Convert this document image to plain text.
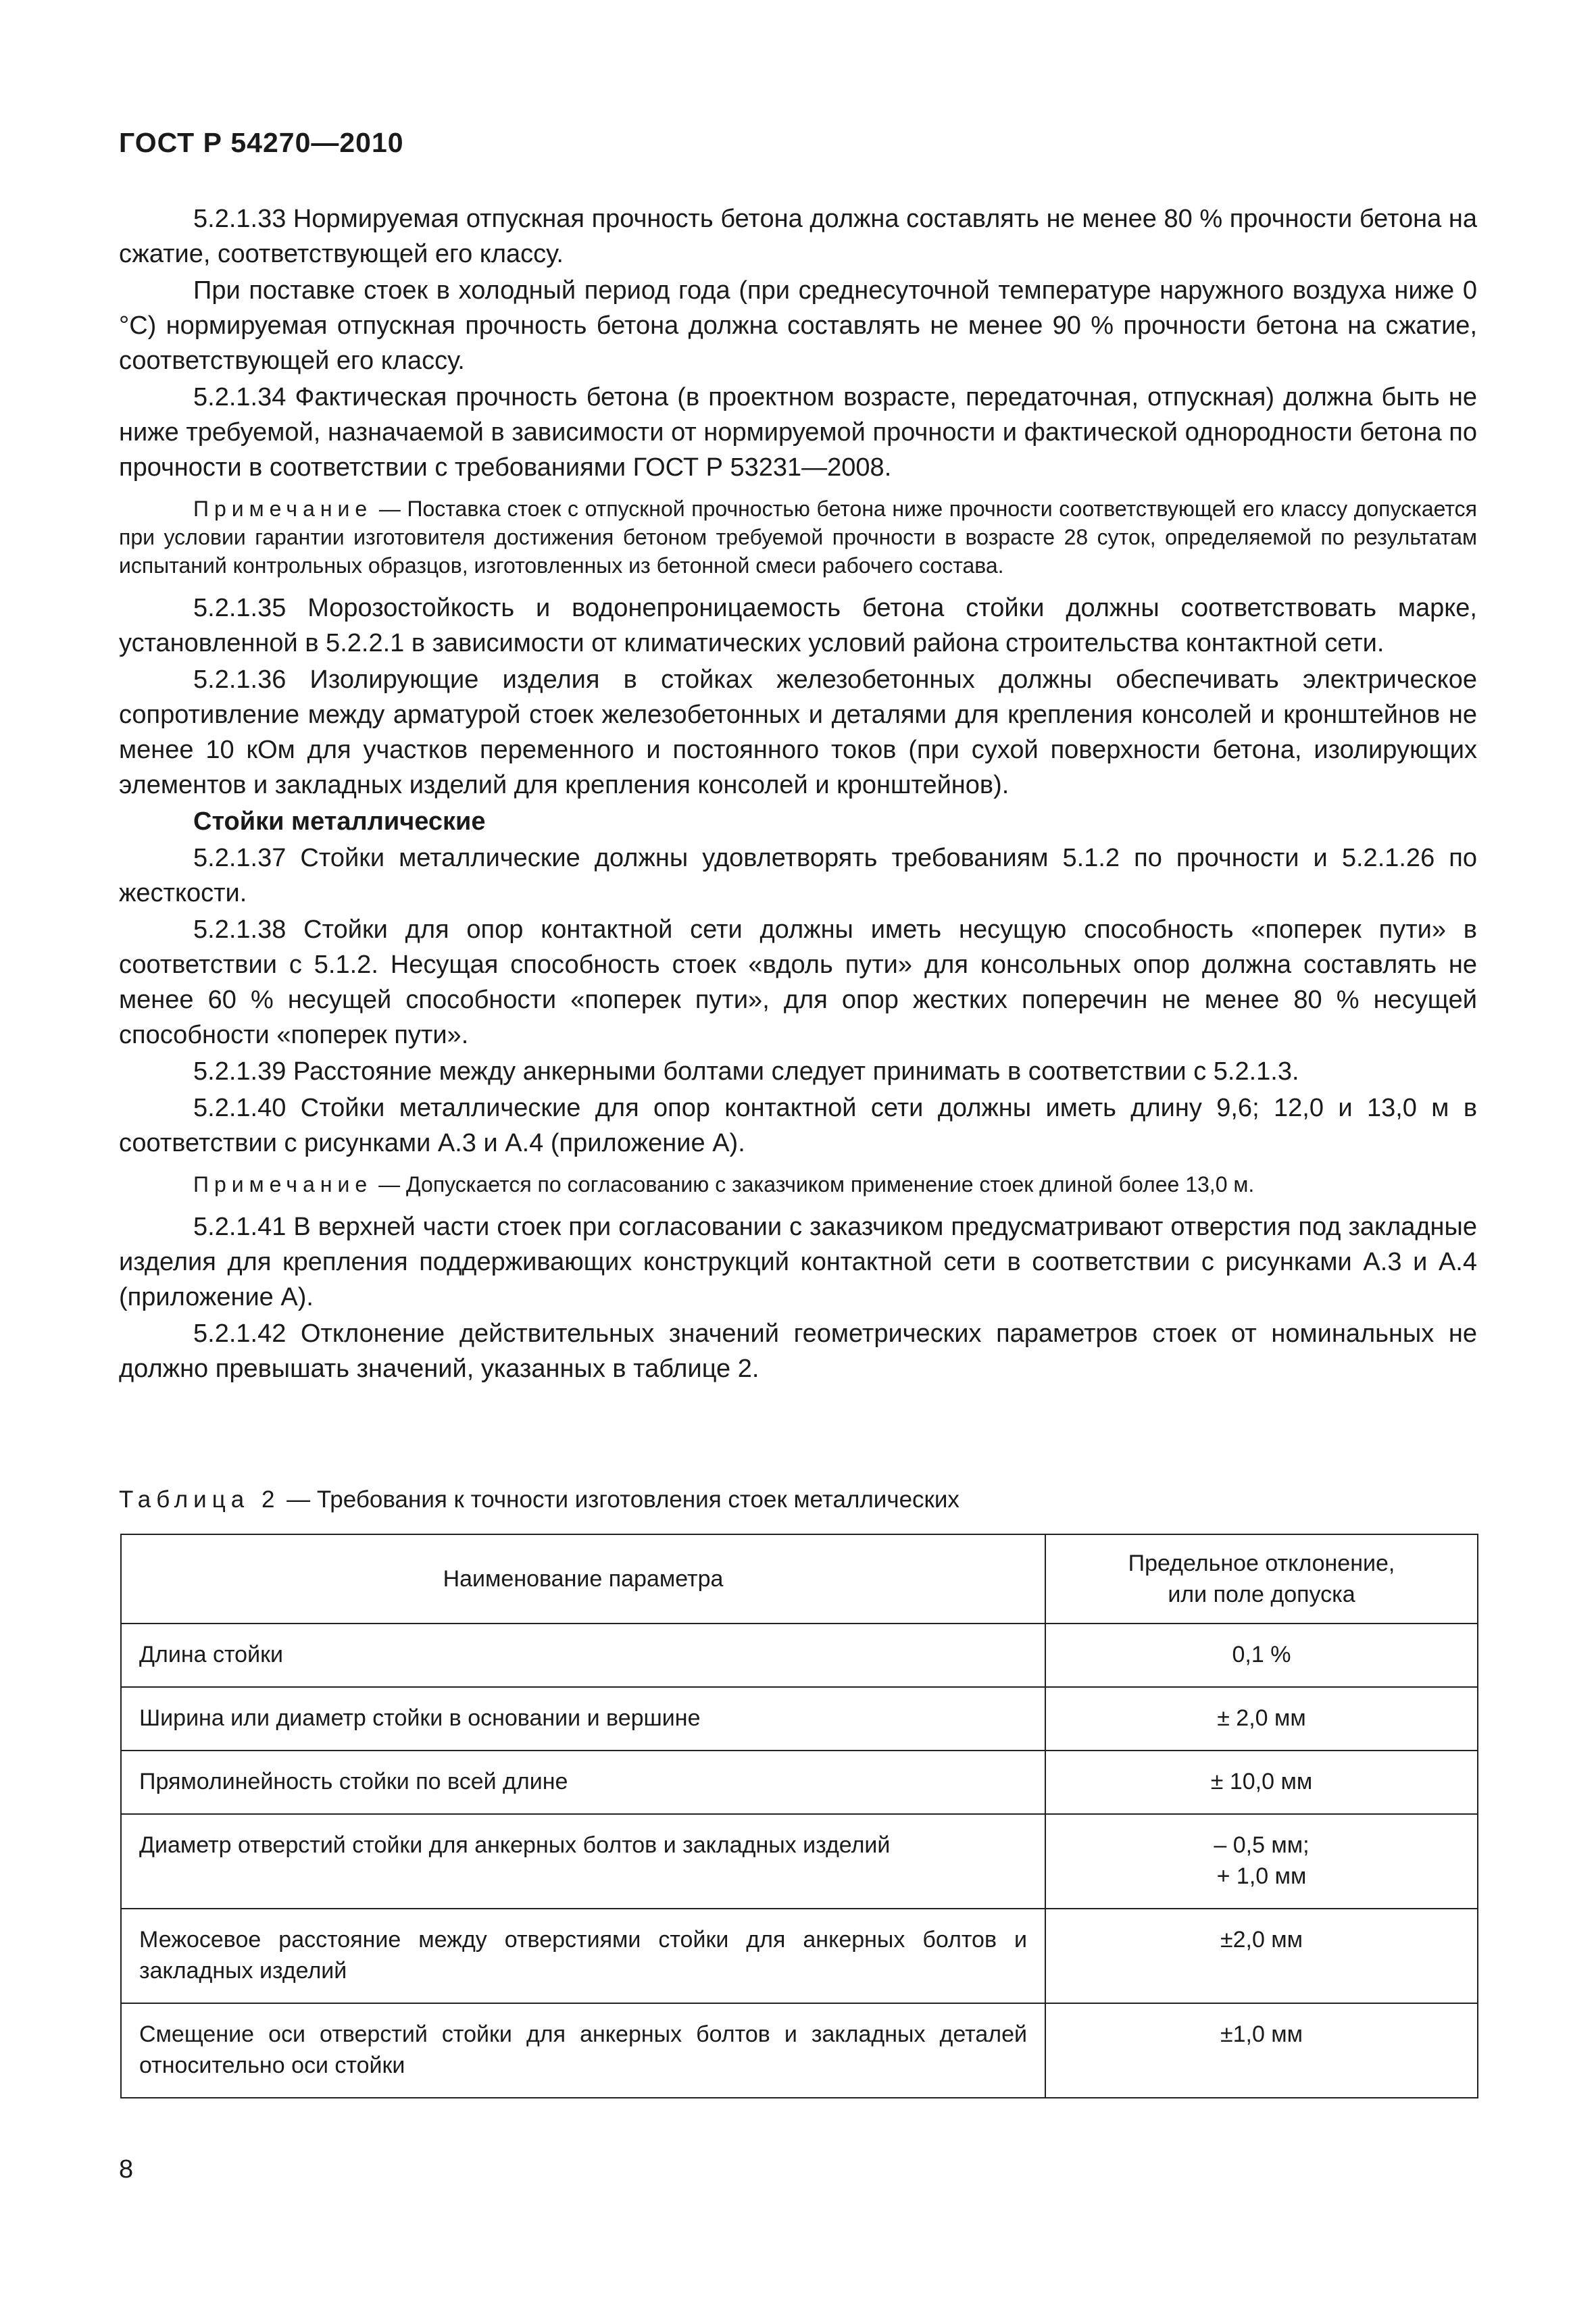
ГОСТ Р 54270—2010

5.2.1.33 Нормируемая отпускная прочность бетона должна составлять не менее 80 % прочности бетона на сжатие, соответствующей его классу.

При поставке стоек в холодный период года (при среднесуточной температуре наружного воздуха ниже 0 °С) нормируемая отпускная прочность бетона должна составлять не менее 90 % прочности бетона на сжатие, соответствующей его классу.

5.2.1.34 Фактическая прочность бетона (в проектном возрасте, передаточная, отпускная) должна быть не ниже требуемой, назначаемой в зависимости от нормируемой прочности и фактической однородности бетона по прочности в соответствии с требованиями ГОСТ Р 53231—2008.

Примечание — Поставка стоек с отпускной прочностью бетона ниже прочности соответствующей его классу допускается при условии гарантии изготовителя достижения бетоном требуемой прочности в возрасте 28 суток, определяемой по результатам испытаний контрольных образцов, изготовленных из бетонной смеси рабочего состава.

5.2.1.35 Морозостойкость и водонепроницаемость бетона стойки должны соответствовать марке, установленной в 5.2.2.1 в зависимости от климатических условий района строительства контактной сети.

5.2.1.36 Изолирующие изделия в стойках железобетонных должны обеспечивать электрическое сопротивление между арматурой стоек железобетонных и деталями для крепления консолей и кронштейнов не менее 10 кОм для участков переменного и постоянного токов (при сухой поверхности бетона, изолирующих элементов и закладных изделий для крепления консолей и кронштейнов).

Стойки металлические

5.2.1.37 Стойки металлические должны удовлетворять требованиям 5.1.2 по прочности и 5.2.1.26 по жесткости.

5.2.1.38 Стойки для опор контактной сети должны иметь несущую способность «поперек пути» в соответствии с 5.1.2. Несущая способность стоек «вдоль пути» для консольных опор должна составлять не менее 60 % несущей способности «поперек пути», для опор жестких поперечин не менее 80 % несущей способности «поперек пути».

5.2.1.39 Расстояние между анкерными болтами следует принимать в соответствии с 5.2.1.3.

5.2.1.40 Стойки металлические для опор контактной сети должны иметь длину 9,6; 12,0 и 13,0 м в соответствии с рисунками А.3 и А.4 (приложение А).

Примечание — Допускается по согласованию с заказчиком применение стоек длиной более 13,0 м.

5.2.1.41 В верхней части стоек при согласовании с заказчиком предусматривают отверстия под закладные изделия для крепления поддерживающих конструкций контактной сети в соответствии с рисунками А.3 и А.4 (приложение А).

5.2.1.42 Отклонение действительных значений геометрических параметров стоек от номинальных не должно превышать значений, указанных в таблице 2.

Таблица 2 — Требования к точности изготовления стоек металлических
Наименование параметра	Предельное отклонение,
или поле допуска

Длина стойки	0,1 %

Ширина или диаметр стойки в основании и вершине	± 2,0 мм

Прямолинейность стойки по всей длине	± 10,0 мм

Диаметр отверстий стойки для анкерных болтов и закладных изделий	– 0,5 мм;
+ 1,0 мм

Межосевое расстояние между отверстиями стойки для анкерных болтов и закладных изделий	±2,0 мм

Смещение оси отверстий стойки для анкерных болтов и закладных деталей относительно оси стойки	±1,0 мм
8
